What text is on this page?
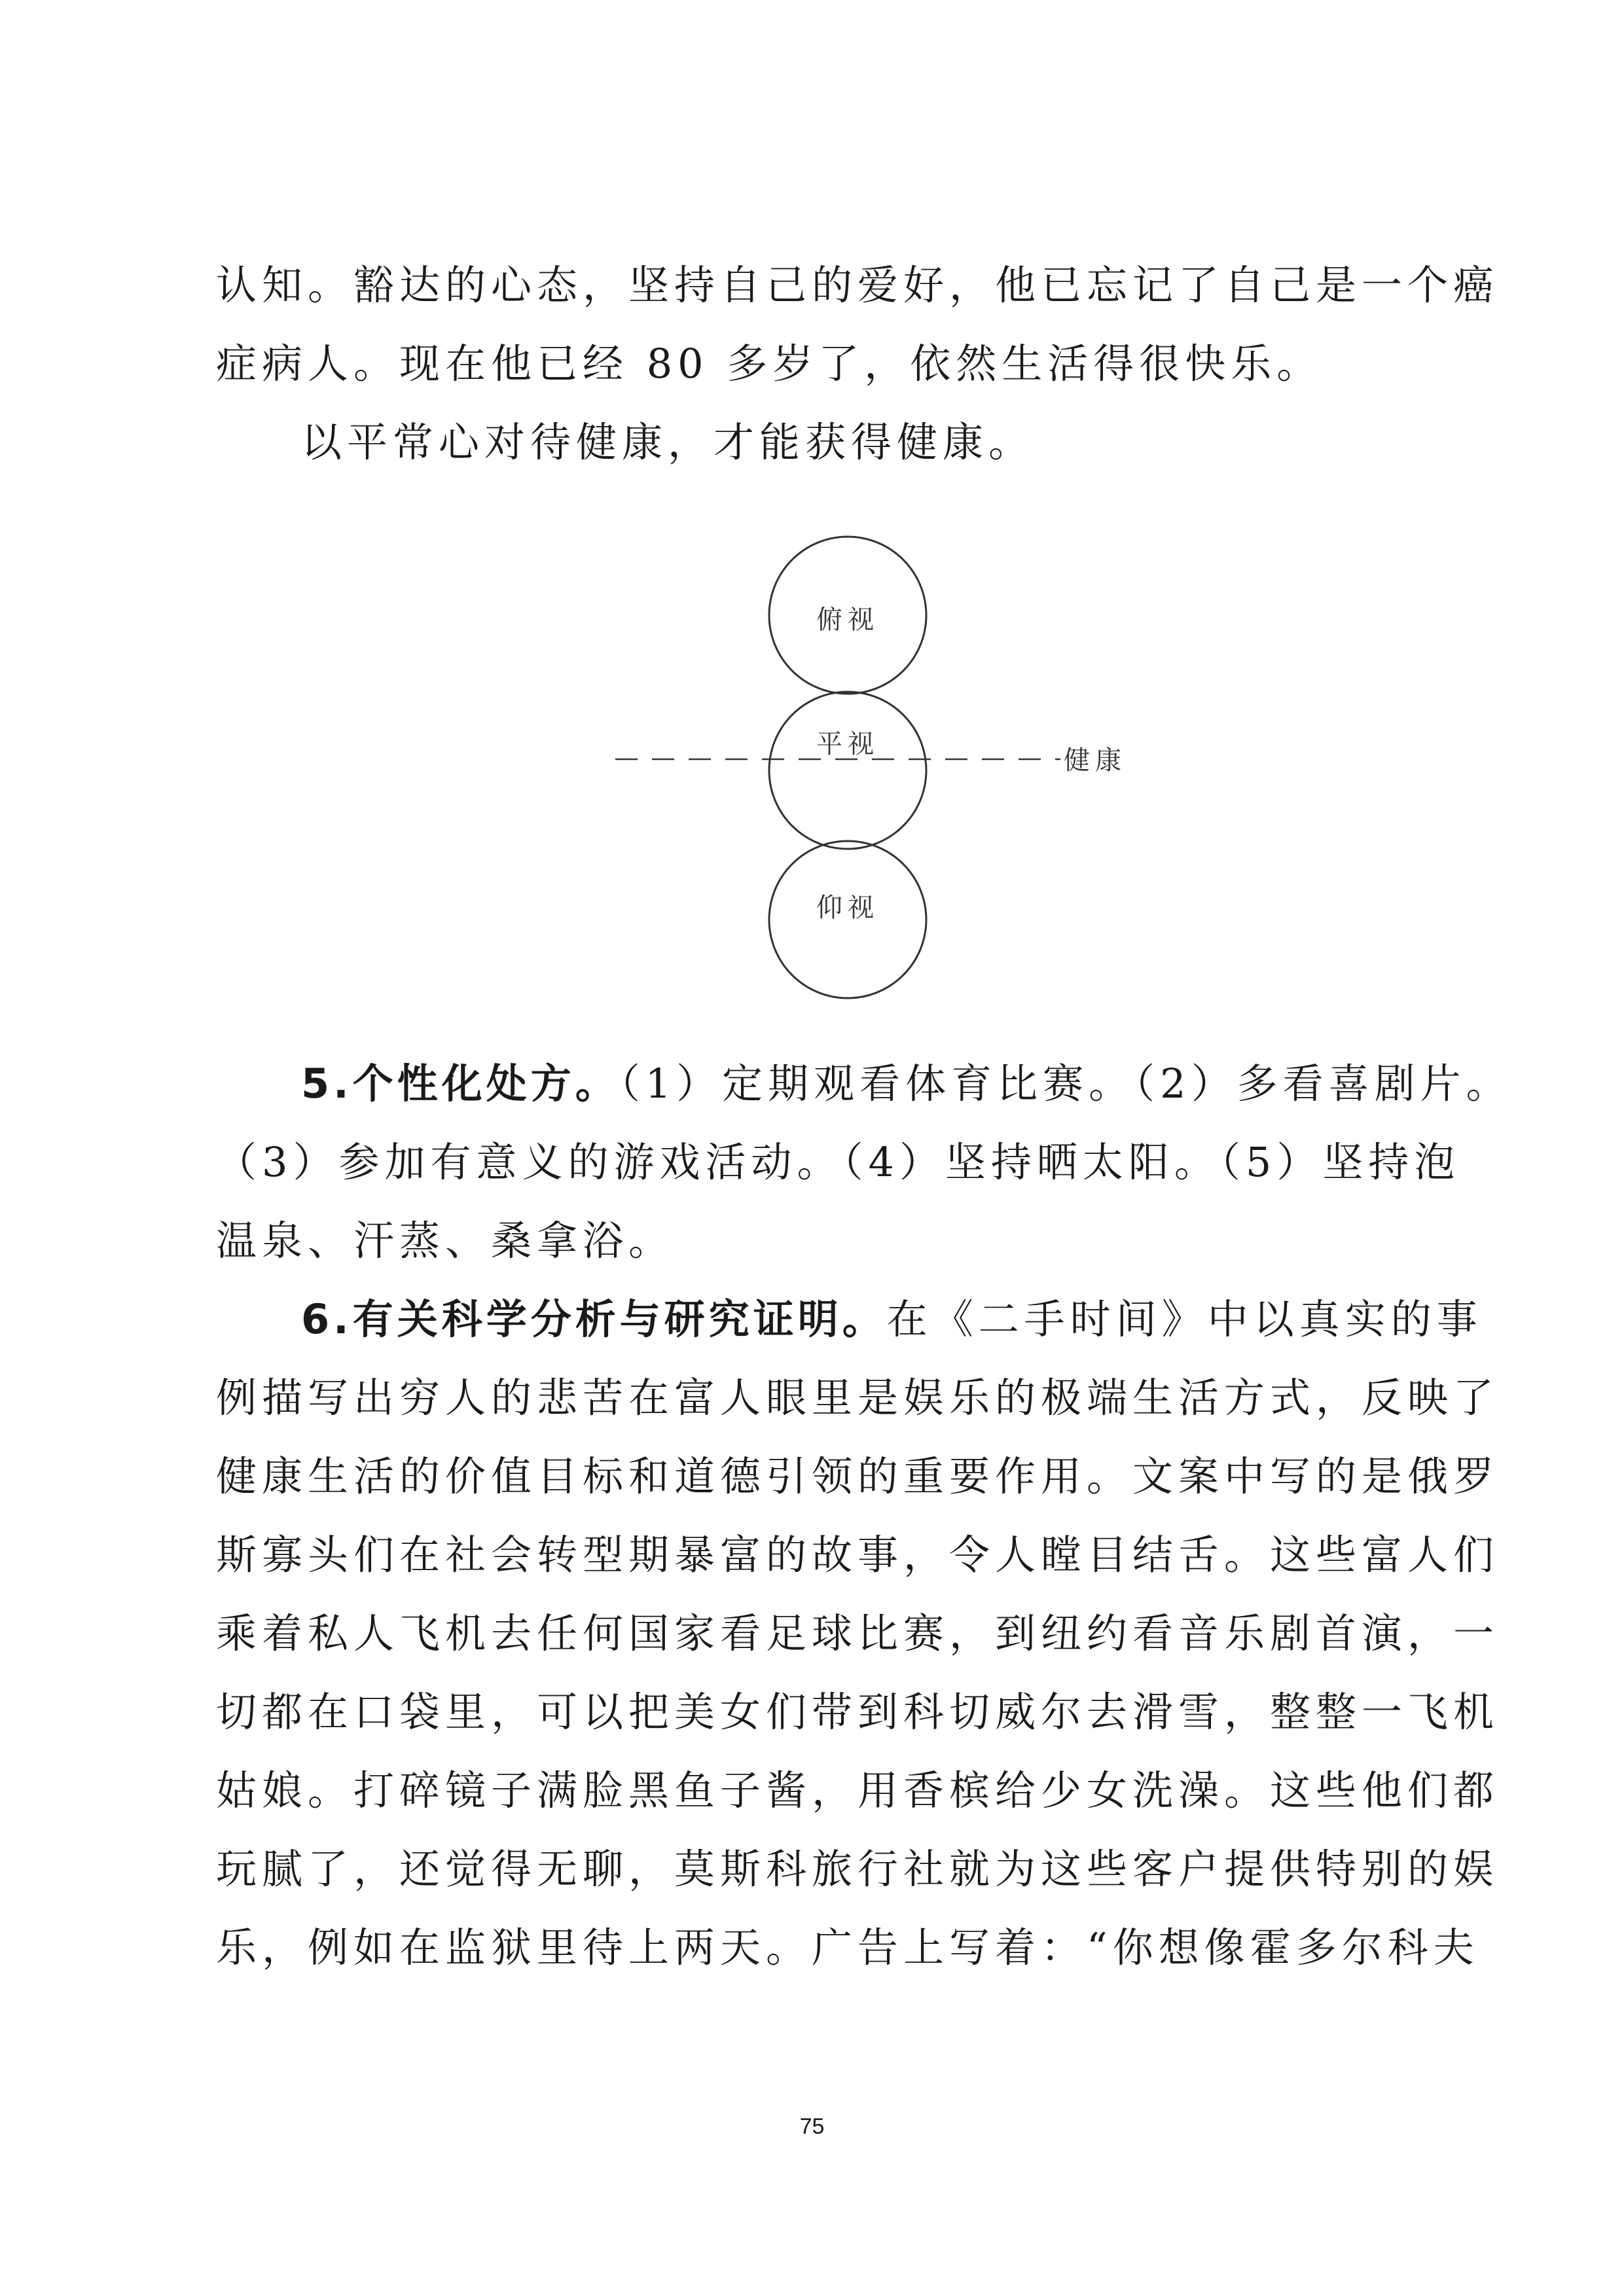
认知。豁达的心态，坚持自己的爱好，他已忘记了自己是一个癌

症病人。现在他已经 80 多岁了，依然生活得很快乐。

以平常心对待健康，才能获得健康。

俯视
平视
仰视
健康

5.个性化处方。（1）定期观看体育比赛。（2）多看喜剧片。

（3）参加有意义的游戏活动。（4）坚持晒太阳。（5）坚持泡

温泉、汗蒸、桑拿浴。

6.有关科学分析与研究证明。在《二手时间》中以真实的事

例描写出穷人的悲苦在富人眼里是娱乐的极端生活方式，反映了

健康生活的价值目标和道德引领的重要作用。文案中写的是俄罗

斯寡头们在社会转型期暴富的故事，令人瞠目结舌。这些富人们

乘着私人飞机去任何国家看足球比赛，到纽约看音乐剧首演，一

切都在口袋里，可以把美女们带到科切威尔去滑雪，整整一飞机

姑娘。打碎镜子满脸黑鱼子酱，用香槟给少女洗澡。这些他们都

玩腻了，还觉得无聊，莫斯科旅行社就为这些客户提供特别的娱

乐，例如在监狱里待上两天。广告上写着：“你想像霍多尔科夫

75
